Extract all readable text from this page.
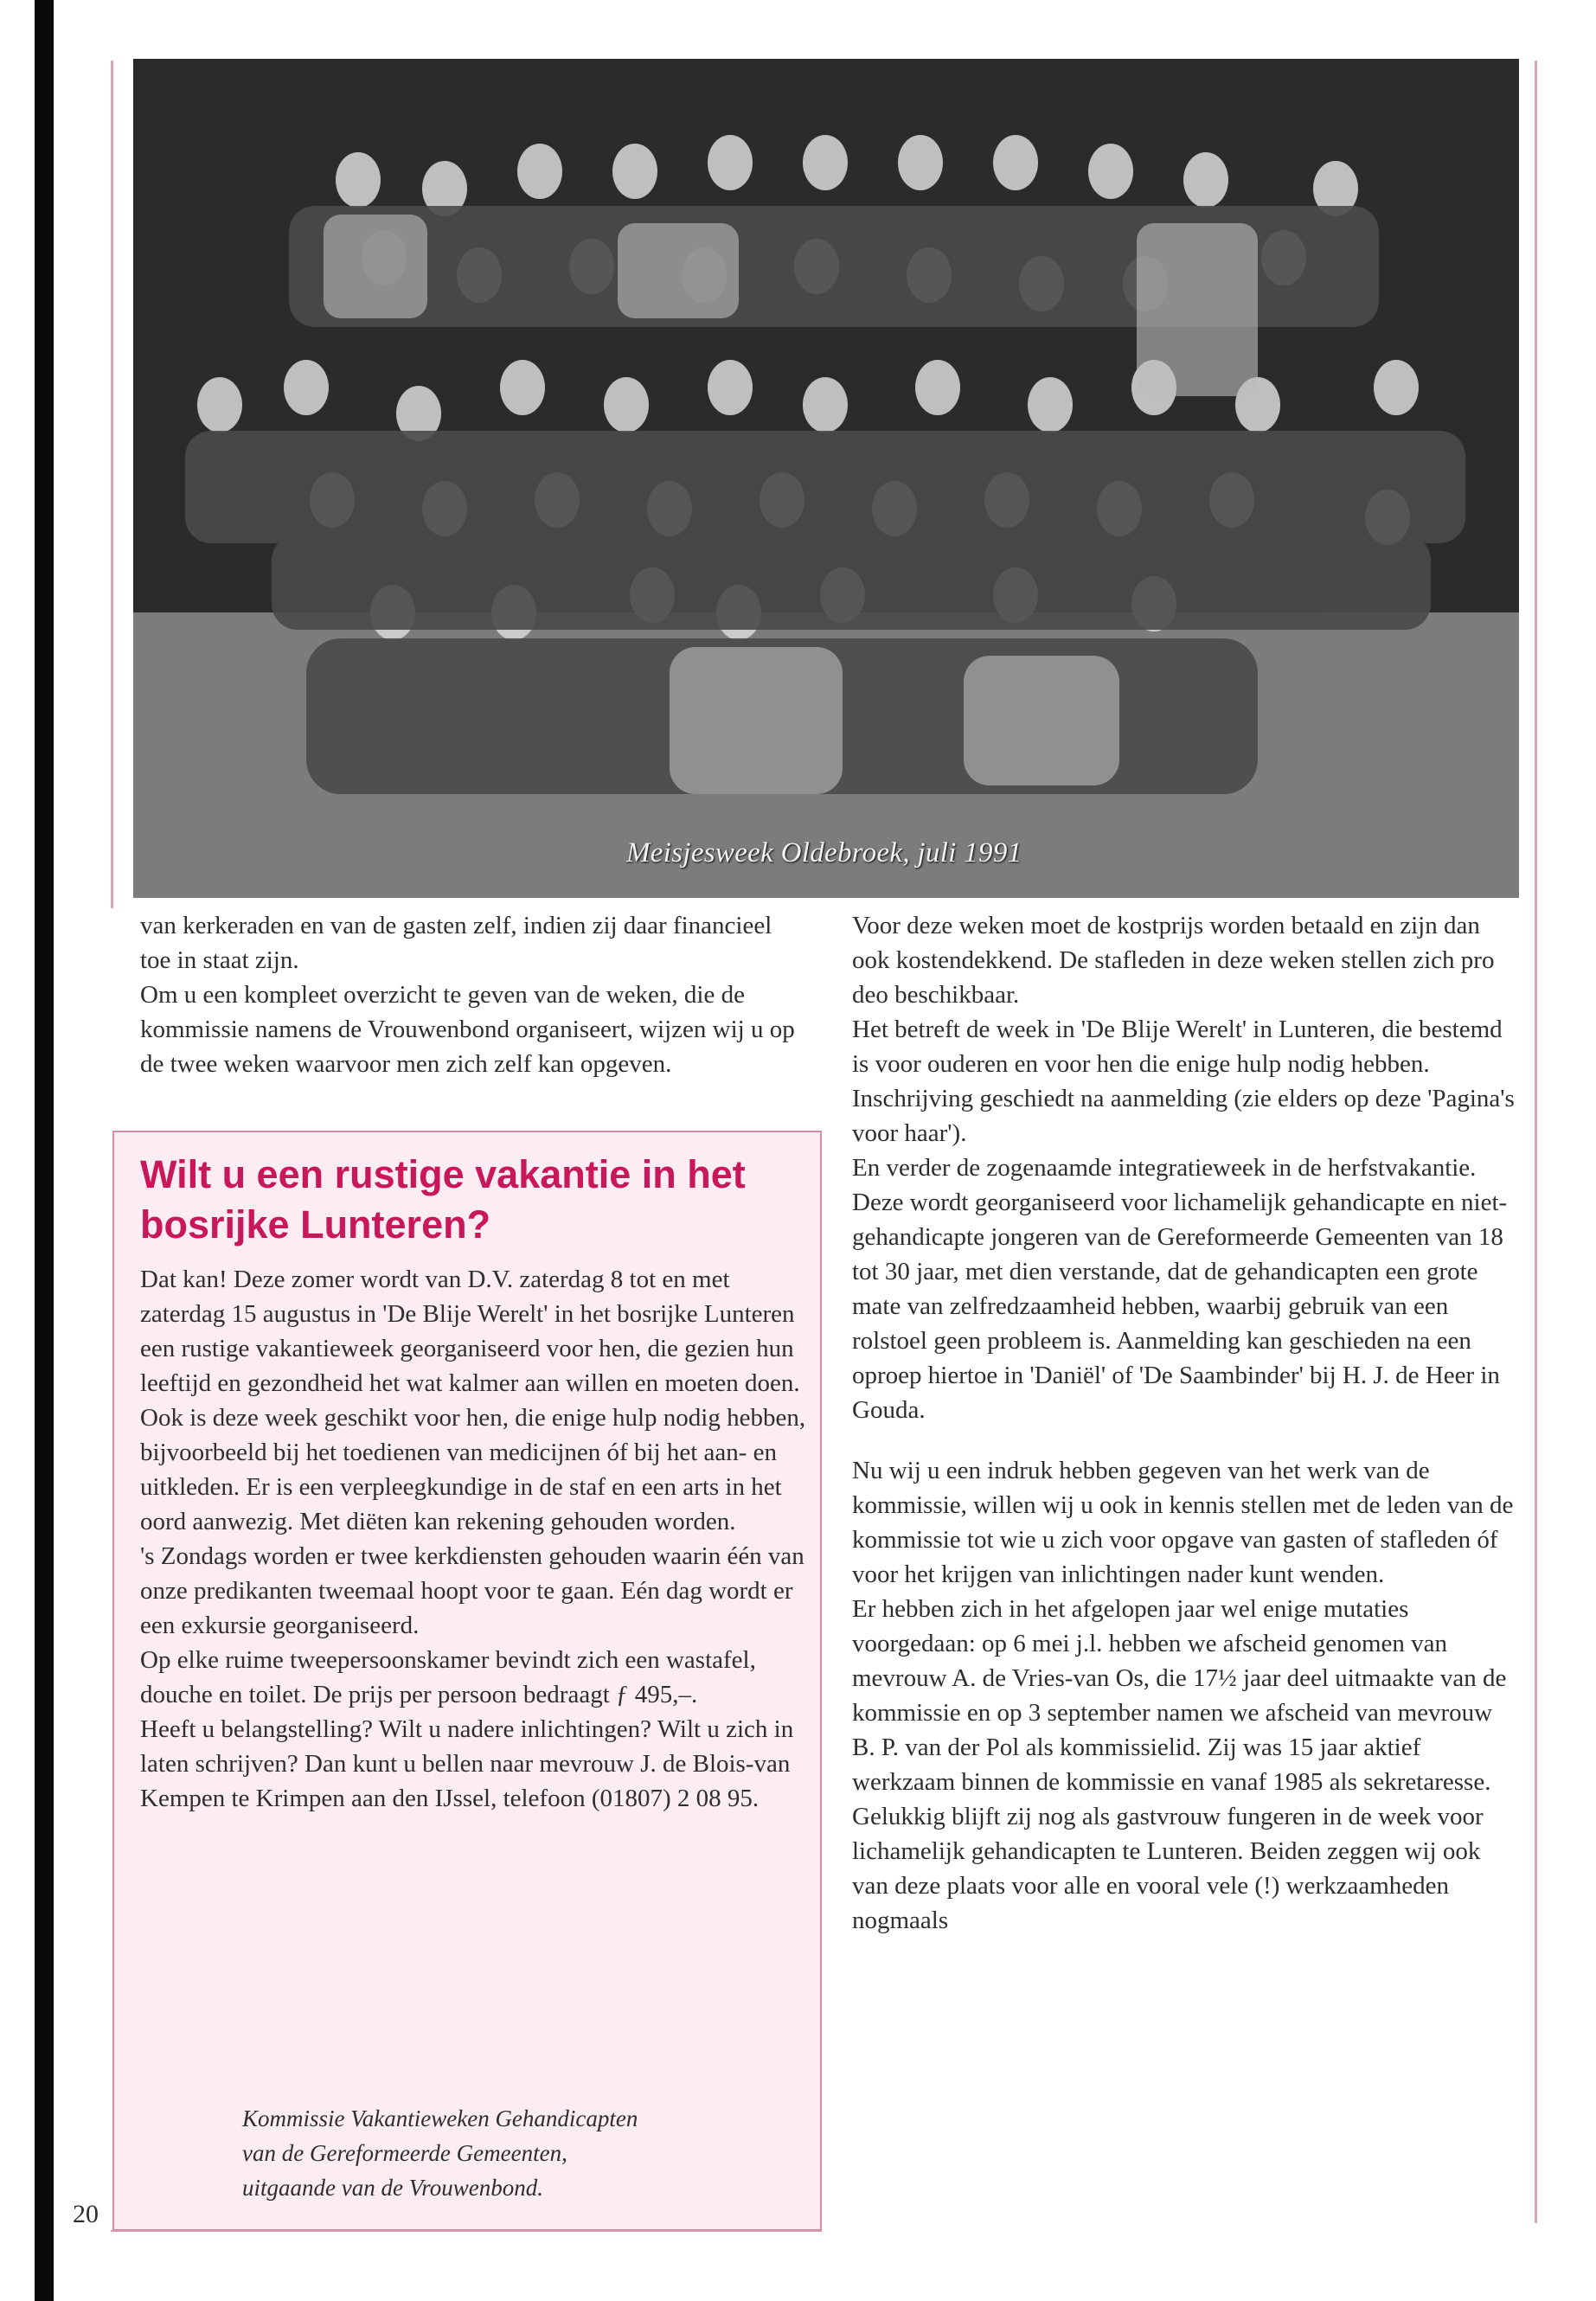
Meisjesweek Oldebroek, juli 1991

van kerkeraden en van de gasten zelf, indien zij daar financieel toe in staat zijn.

Om u een kompleet overzicht te geven van de weken, die de kommissie namens de Vrouwenbond organiseert, wijzen wij u op de twee weken waarvoor men zich zelf kan opgeven.

Wilt u een rustige vakantie in het bosrijke Lunteren?

Dat kan! Deze zomer wordt van D.V. zaterdag 8 tot en met zaterdag 15 augustus in 'De Blije Werelt' in het bosrijke Lunteren een rustige vakantieweek georganiseerd voor hen, die gezien hun leeftijd en gezondheid het wat kalmer aan willen en moeten doen. Ook is deze week geschikt voor hen, die enige hulp nodig hebben, bijvoorbeeld bij het toedienen van medicijnen óf bij het aan- en uitkleden. Er is een verpleegkundige in de staf en een arts in het oord aanwezig. Met diëten kan rekening gehouden worden.

's Zondags worden er twee kerkdiensten gehouden waarin één van onze predikanten tweemaal hoopt voor te gaan. Eén dag wordt er een exkursie georganiseerd.

Op elke ruime tweepersoonskamer bevindt zich een wastafel, douche en toilet. De prijs per persoon bedraagt ƒ 495,–.

Heeft u belangstelling? Wilt u nadere inlichtingen? Wilt u zich in laten schrijven? Dan kunt u bellen naar mevrouw J. de Blois-van Kempen te Krimpen aan den IJssel, telefoon (01807) 2 08 95.

Kommissie Vakantieweken Gehandicapten
van de Gereformeerde Gemeenten,
uitgaande van de Vrouwenbond.

Voor deze weken moet de kostprijs worden betaald en zijn dan ook kostendekkend. De stafleden in deze weken stellen zich pro deo beschikbaar.

Het betreft de week in 'De Blije Werelt' in Lunteren, die bestemd is voor ouderen en voor hen die enige hulp nodig hebben. Inschrijving geschiedt na aanmelding (zie elders op deze 'Pagina's voor haar').

En verder de zogenaamde integratieweek in de herfstvakantie. Deze wordt georganiseerd voor lichamelijk gehandicapte en niet-gehandicapte jongeren van de Gereformeerde Gemeenten van 18 tot 30 jaar, met dien verstande, dat de gehandicapten een grote mate van zelfredzaamheid hebben, waarbij gebruik van een rolstoel geen probleem is. Aanmelding kan geschieden na een oproep hiertoe in 'Daniël' of 'De Saambinder' bij H. J. de Heer in Gouda.

Nu wij u een indruk hebben gegeven van het werk van de kommissie, willen wij u ook in kennis stellen met de leden van de kommissie tot wie u zich voor opgave van gasten of stafleden óf voor het krijgen van inlichtingen nader kunt wenden.

Er hebben zich in het afgelopen jaar wel enige mutaties voorgedaan: op 6 mei j.l. hebben we afscheid genomen van mevrouw A. de Vries-van Os, die 17½ jaar deel uitmaakte van de kommissie en op 3 september namen we afscheid van mevrouw B. P. van der Pol als kommissielid. Zij was 15 jaar aktief werkzaam binnen de kommissie en vanaf 1985 als sekretaresse. Gelukkig blijft zij nog als gastvrouw fungeren in de week voor lichamelijk gehandicapten te Lunteren. Beiden zeggen wij ook van deze plaats voor alle en vooral vele (!) werkzaamheden nogmaals

20
